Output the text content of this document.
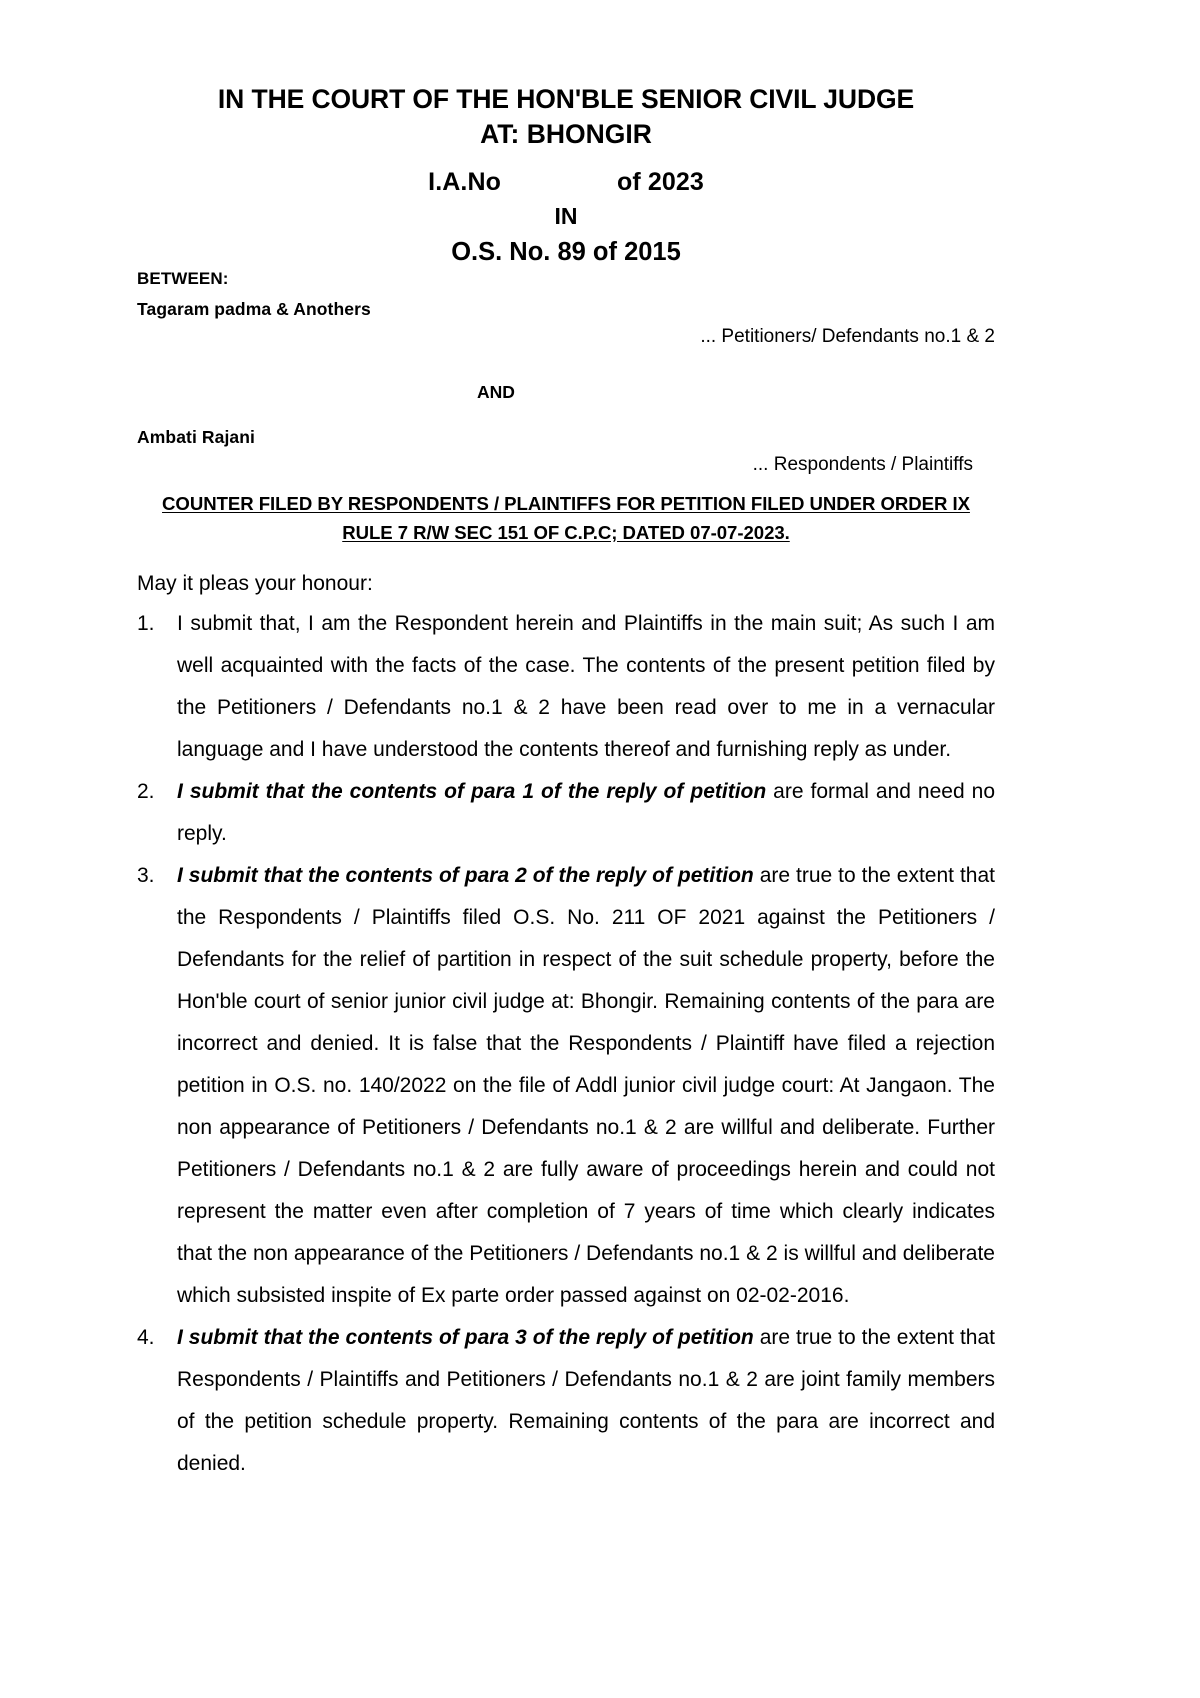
IN THE COURT OF THE HON'BLE SENIOR CIVIL JUDGE
AT: BHONGIR
I.A.No	of 2023
IN
O.S. No. 89 of 2015
BETWEEN:
Tagaram padma & Anothers
... Petitioners/ Defendants no.1 & 2
AND
Ambati Rajani
... Respondents / Plaintiffs
COUNTER FILED BY RESPONDENTS / PLAINTIFFS FOR PETITION FILED UNDER ORDER IX
RULE 7 R/W SEC 151 OF C.P.C; DATED 07-07-2023.
May it pleas your honour:
1.	I submit that, I am the Respondent herein and Plaintiffs in the main suit; As such I am well acquainted with the facts of the case. The contents of the present petition filed by the Petitioners / Defendants no.1 & 2 have been read over to me in a vernacular language and I have understood the contents thereof and furnishing reply as under.
2.	I submit that the contents of para 1 of the reply of petition are formal and need no reply.
3.	I submit that the contents of para 2 of the reply of petition are true to the extent that the Respondents / Plaintiffs filed O.S. No. 211 OF 2021 against the Petitioners / Defendants for the relief of partition in respect of the suit schedule property, before the Hon'ble court of senior junior civil judge at: Bhongir. Remaining contents of the para are incorrect and denied. It is false that the Respondents / Plaintiff have filed a rejection petition in O.S. no. 140/2022 on the file of Addl junior civil judge court: At Jangaon. The non appearance of Petitioners / Defendants no.1 & 2 are willful and deliberate. Further Petitioners / Defendants no.1 & 2 are fully aware of proceedings herein and could not represent the matter even after completion of 7 years of time which clearly indicates that the non appearance of the Petitioners / Defendants no.1 & 2 is willful and deliberate which subsisted inspite of Ex parte order passed against on 02-02-2016.
4.	I submit that the contents of para 3 of the reply of petition are true to the extent that Respondents / Plaintiffs and Petitioners / Defendants no.1 & 2 are joint family members of the petition schedule property. Remaining contents of the para are incorrect and denied.
